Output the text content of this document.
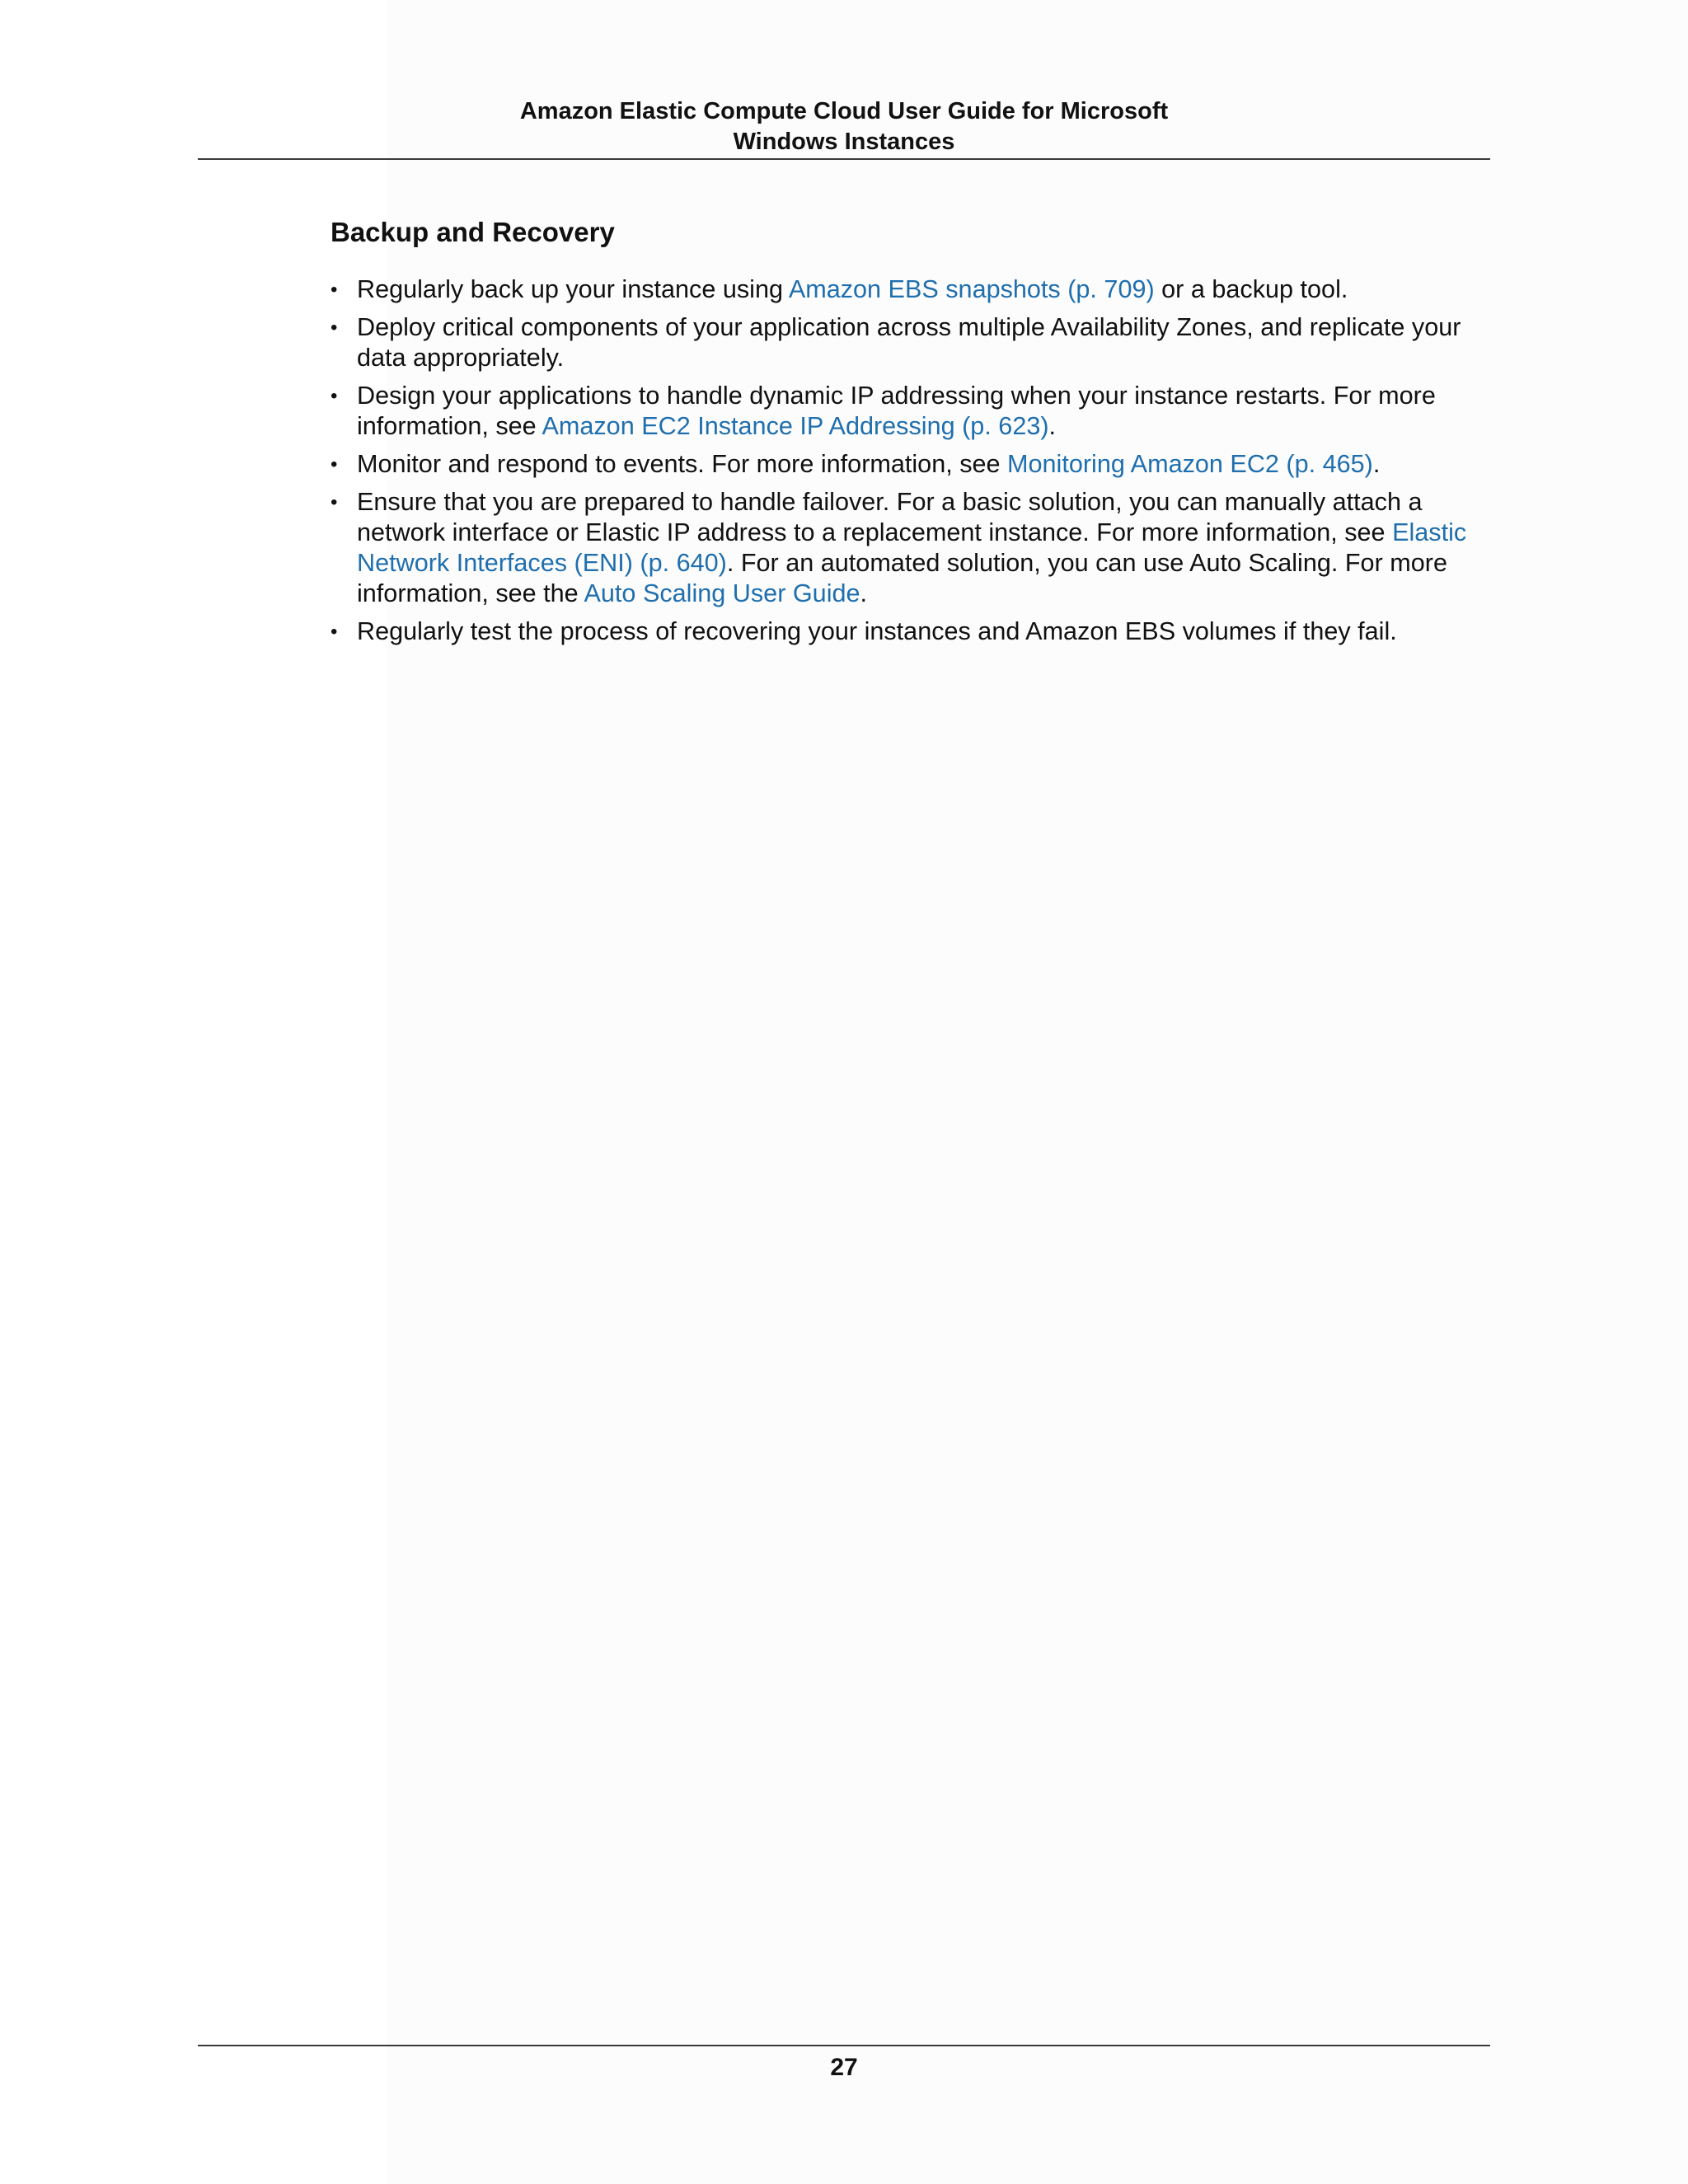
Amazon Elastic Compute Cloud User Guide for Microsoft
Windows Instances
Backup and Recovery
• Regularly back up your instance using Amazon EBS snapshots (p. 709) or a backup tool.
• Deploy critical components of your application across multiple Availability Zones, and replicate your data appropriately.
• Design your applications to handle dynamic IP addressing when your instance restarts. For more information, see Amazon EC2 Instance IP Addressing (p. 623).
• Monitor and respond to events. For more information, see Monitoring Amazon EC2 (p. 465).
• Ensure that you are prepared to handle failover. For a basic solution, you can manually attach a network interface or Elastic IP address to a replacement instance. For more information, see Elastic Network Interfaces (ENI) (p. 640). For an automated solution, you can use Auto Scaling. For more information, see the Auto Scaling User Guide.
• Regularly test the process of recovering your instances and Amazon EBS volumes if they fail.
27
